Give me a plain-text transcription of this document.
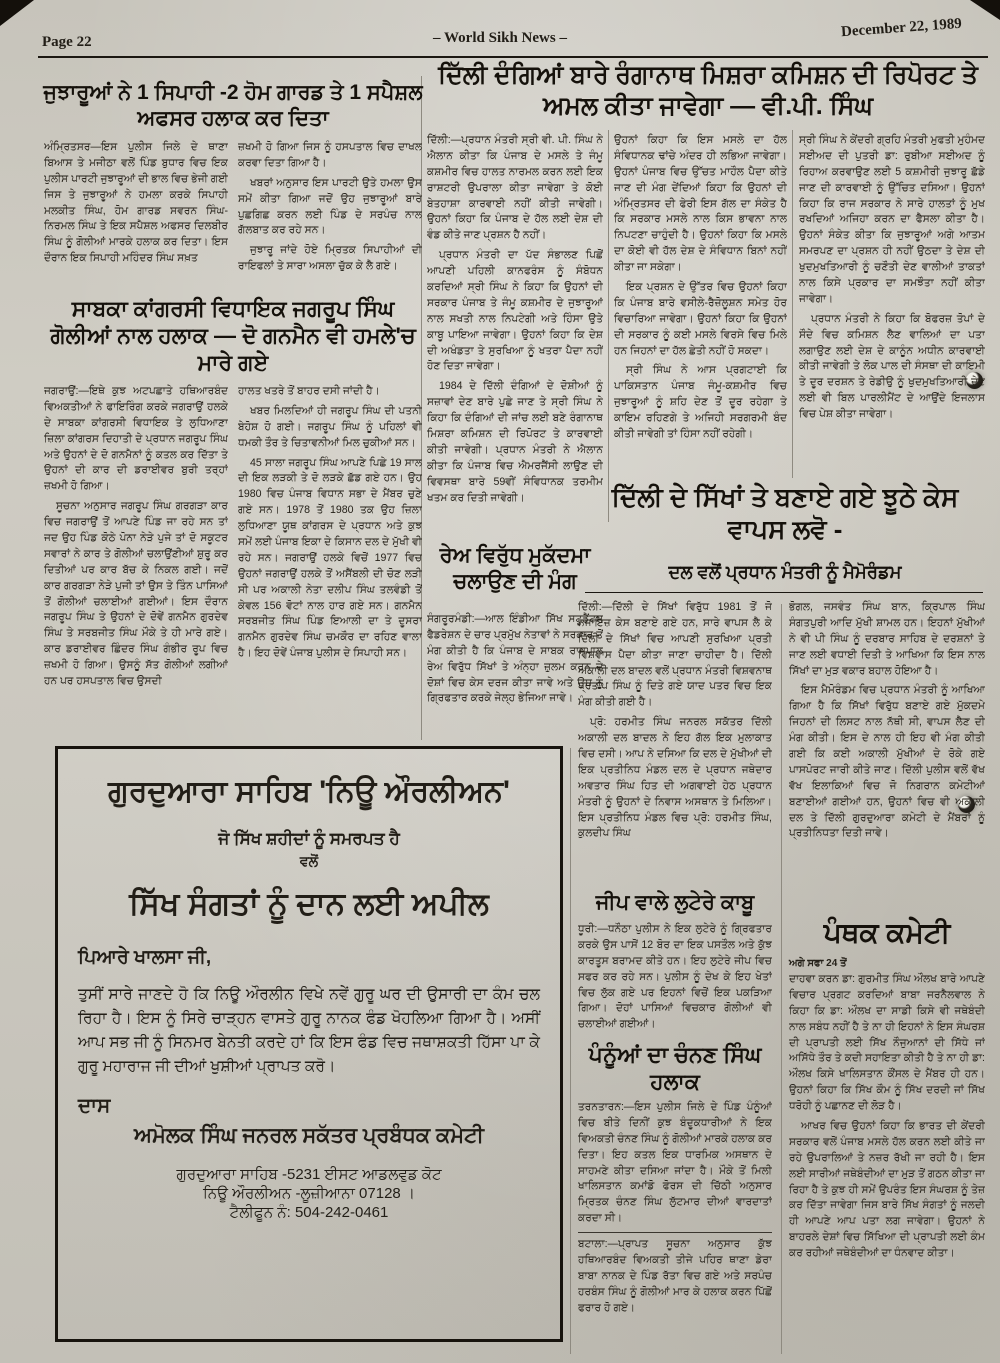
Page 22	– World Sikh News –	December 22, 1989
ਜੁਝਾਰੂਆਂ ਨੇ 1 ਸਿਪਾਹੀ -2 ਹੋਮ ਗਾਰਡ ਤੇ 1 ਸਪੈਸ਼ਲ ਅਫਸਰ ਹਲਾਕ ਕਰ ਦਿਤਾ
ਅੰਮ੍ਰਿਤਸਰ—ਇਸ ਪੁਲੀਸ ਜਿਲੇ ਦੇ ਥਾਣਾ ਬਿਆਸ ਤੇ ਮਜੀਠਾ ਵਲੋਂ ਪਿੰਡ ਬੁਧਾਰ ਵਿਚ ਇਕ ਪੁਲੀਸ ਪਾਰਟੀ ਜੁਝਾਰੂਆਂ ਦੀ ਭਾਲ ਵਿਚ ਭੇਜੀ ਗਈ ਜਿਸ ਤੇ ਜੁਝਾਰੂਆਂ ਨੇ ਹਮਲਾ ਕਰਕੇ ਸਿਪਾਹੀ ਮਲਕੀਤ ਸਿੰਘ, ਹੋਮ ਗਾਰਡ ਸਵਰਨ ਸਿੰਘ-ਨਿਰਮਲ ਸਿੰਘ ਤੇ ਇਕ ਸਪੈਸ਼ਲ ਅਫਸਰ ਦਿਲਬੀਰ ਸਿੰਘ ਨੂੰ ਗੋਲੀਆਂ ਮਾਰਕੇ ਹਲਾਕ ਕਰ ਦਿਤਾ। ਇਸ ਦੌਰਾਨ ਇਕ ਸਿਪਾਹੀ ਮਹਿੰਦਰ ਸਿੰਘ ਸਖ਼ਤ

ਜ਼ਖਮੀ ਹੋ ਗਿਆ ਜਿਸ ਨੂੰ ਹਸਪਤਾਲ ਵਿਚ ਦਾਖਲ ਕਰਵਾ ਦਿਤਾ ਗਿਆ ਹੈ।

ਖਬਰਾਂ ਅਨੁਸਾਰ ਇਸ ਪਾਰਟੀ ਉਤੇ ਹਮਲਾ ਉਸ ਸਮੇਂ ਕੀਤਾ ਗਿਆ ਜਦੋਂ ਉਹ ਜੁਝਾਰੂਆਂ ਬਾਰੇ ਪੁਛਗਿਛ ਕਰਨ ਲਈ ਪਿੰਡ ਦੇ ਸਰਪੰਚ ਨਾਲ ਗੱਲਬਾਤ ਕਰ ਰਹੇ ਸਨ।

ਜੁਝਾਰੂ ਜਾਂਦੇ ਹੋਏ ਮ੍ਰਿਤਕ ਸਿਪਾਹੀਆਂ ਦੀ ਰਾਇਫਲਾਂ ਤੇ ਸਾਰਾ ਅਸਲਾ ਚੁੱਕ ਕੇ ਲੈ ਗਏ।

ਸਾਬਕਾ ਕਾਂਗਰਸੀ ਵਿਧਾਇਕ ਜਗਰੂਪ ਸਿੰਘ ਗੋਲੀਆਂ ਨਾਲ ਹਲਾਕ — ਦੋ ਗਨਮੈਨ ਵੀ ਹਮਲੇ'ਚ ਮਾਰੇ ਗਏ

ਜਗਰਾਉਂ:—ਇਥੇ ਕੁਝ ਅਟਪਛਾਤੇ ਹਥਿਆਰਬੰਦ ਵਿਅਕਤੀਆਂ ਨੇ ਫਾਇਰਿੰਗ ਕਰਕੇ ਜਗਰਾਉਂ ਹਲਕੇ ਦੇ ਸਾਬਕਾ ਕਾਂਗਰਸੀ ਵਿਧਾਇਕ ਤੇ ਲੁਧਿਆਣਾ ਜ਼ਿਲਾ ਕਾਂਗਰਸ ਦਿਹਾਤੀ ਦੇ ਪ੍ਰਧਾਨ ਜਗਰੂਪ ਸਿੰਘ ਅਤੇ ਉਹਨਾਂ ਦੇ ਦੋ ਗਨਮੈਨਾਂ ਨੂੰ ਕਤਲ ਕਰ ਦਿੱਤਾ ਤੇ ਉਹਨਾਂ ਦੀ ਕਾਰ ਦੀ ਡਰਾਈਵਰ ਬੁਰੀ ਤਰ੍ਹਾਂ ਜ਼ਖਮੀ ਹੋ ਗਿਆ।

ਸੂਚਨਾ ਅਨੁਸਾਰ ਜਗਰੂਪ ਸਿੰਘ ਗਰਗੜਾ ਕਾਰ ਵਿਚ ਜਗਰਾਉਂ ਤੋਂ ਆਪਣੇ ਪਿੰਡ ਜਾ ਰਹੇ ਸਨ ਤਾਂ ਜਦ ਉਹ ਪਿੰਡ ਕੋਠੇ ਪੋਨਾ ਨੇੜੇ ਪੁਜੇ ਤਾਂ ਦੋ ਸਕੂਟਰ ਸਵਾਰਾਂ ਨੇ ਕਾਰ ਤੇ ਗੋਲੀਆਂ ਚਲਾਉਂਣੀਆਂ ਸ਼ੁਰੂ ਕਰ ਦਿਤੀਆਂ ਪਰ ਕਾਰ ਬੱਚ ਕੇ ਨਿਕਲ ਗਈ। ਜਦੋਂ ਕਾਰ ਗਰਗੜਾ ਨੇੜੇ ਪੁਜੀ ਤਾਂ ਉਸ ਤੇ ਤਿੰਨ ਪਾਸਿਆਂ ਤੋਂ ਗੋਲੀਆਂ ਚਲਾਈਆਂ ਗਈਆਂ। ਇਸ ਦੌਰਾਨ ਜਗਰੂਪ ਸਿੰਘ ਤੇ ਉਹਨਾਂ ਦੇ ਦੋਵੇਂ ਗਨਮੈਨ ਗੁਰਦੇਵ ਸਿੰਘ ਤੇ ਸਰਬਜੀਤ ਸਿੰਘ ਮੌਕੇ ਤੇ ਹੀ ਮਾਰੇ ਗਏ। ਕਾਰ ਡਰਾਈਵਰ ਛਿੰਦਰ ਸਿੰਘ ਗੰਭੀਰ ਰੂਪ ਵਿਚ ਜ਼ਖਮੀ ਹੋ ਗਿਆ। ਉਸਨੂੰ ਸੱਤ ਗੋਲੀਆਂ ਲਗੀਆਂ ਹਨ ਪਰ ਹਸਪਤਾਲ ਵਿਚ ਉਸਦੀ

ਹਾਲਤ ਖਤਰੇ ਤੋਂ ਬਾਹਰ ਦਸੀ ਜਾਂਦੀ ਹੈ।

ਖਬਰ ਮਿਲਦਿਆਂ ਹੀ ਜਗਰੂਪ ਸਿੰਘ ਦੀ ਪਤਨੀ ਬੇਹੋਸ਼ ਹੋ ਗਈ। ਜਗਰੂਪ ਸਿੰਘ ਨੂੰ ਪਹਿਲਾਂ ਵੀ ਧਮਕੀ ਤੌਰ ਤੇ ਚਿਤਾਵਨੀਆਂ ਮਿਲ ਚੁਕੀਆਂ ਸਨ।

45 ਸਾਲਾ ਜਗਰੂਪ ਸਿੰਘ ਆਪਣੇ ਪਿਛੇ 19 ਸਾਲ ਦੀ ਇਕ ਲੜਕੀ ਤੇ ਦੋ ਲੜਕੇ ਛੱਡ ਗਏ ਹਨ। ਉਹ 1980 ਵਿਚ ਪੰਜਾਬ ਵਿਧਾਨ ਸਭਾ ਦੇ ਮੈਂਬਰ ਚੁਣੇ ਗਏ ਸਨ। 1978 ਤੋਂ 1980 ਤਕ ਉਹ ਜ਼ਿਲਾ ਲੁਧਿਆਣਾ ਯੂਥ ਕਾਂਗਰਸ ਦੇ ਪ੍ਰਧਾਨ ਅਤੇ ਕੁਝ ਸਮੇਂ ਲਈ ਪੰਜਾਬ ਇਕਾ ਦੇ ਕਿਸਾਨ ਦਲ ਦੇ ਮੁੱਖੀ ਵੀ ਰਹੇ ਸਨ। ਜਗਰਾਉਂ ਹਲਕੇ ਵਿਚੋਂ 1977 ਵਿਚ ਉਹਨਾਂ ਜਗਰਾਉਂ ਹਲਕੇ ਤੋਂ ਅਸੈਂਬਲੀ ਦੀ ਚੋਣ ਲੜੀ ਸੀ ਪਰ ਅਕਾਲੀ ਨੇਤਾ ਦਲੀਪ ਸਿੰਘ ਤਲਵੰਡੀ ਤੋਂ ਕੇਵਲ 156 ਵੋਟਾਂ ਨਾਲ ਹਾਰ ਗਏ ਸਨ। ਗਨਮੈਨ ਸਰਬਜੀਤ ਸਿੰਘ ਪਿੰਡ ਇਆਲੀ ਦਾ ਤੇ ਦੂਸਰਾ ਗਨਮੈਨ ਗੁਰਦੇਵ ਸਿੰਘ ਚਮਕੌਰ ਦਾ ਰਹਿਣ ਵਾਲਾ ਹੈ। ਇਹ ਦੋਵੇਂ ਪੰਜਾਬ ਪੁਲੀਸ ਦੇ ਸਿਪਾਹੀ ਸਨ।

ਦਿੱਲੀ ਦੰਗਿਆਂ ਬਾਰੇ ਰੰਗਾਨਾਥ ਮਿਸ਼ਰਾ ਕਮਿਸ਼ਨ ਦੀ ਰਿਪੋਰਟ ਤੇ ਅਮਲ ਕੀਤਾ ਜਾਵੇਗਾ — ਵੀ.ਪੀ. ਸਿੰਘ

ਦਿੱਲੀ:—ਪ੍ਰਧਾਨ ਮੰਤਰੀ ਸ੍ਰੀ ਵੀ. ਪੀ. ਸਿੰਘ ਨੇ ਐਲਾਨ ਕੀਤਾ ਕਿ ਪੰਜਾਬ ਦੇ ਮਸਲੇ ਤੇ ਜੰਮੂ ਕਸ਼ਮੀਰ ਵਿਚ ਹਾਲਤ ਨਾਰਮਲ ਕਰਨ ਲਈ ਇਕ ਰਾਸ਼ਟਰੀ ਉਪਰਾਲਾ ਕੀਤਾ ਜਾਵੇਗਾ ਤੇ ਕੋਈ ਬੇਤਹਾਸ਼ਾ ਕਾਰਵਾਈ ਨਹੀਂ ਕੀਤੀ ਜਾਵੇਗੀ। ਉਹਨਾਂ ਕਿਹਾ ਕਿ ਪੰਜਾਬ ਦੇ ਹੱਲ ਲਈ ਦੇਸ਼ ਦੀ ਵੰਡ ਕੀਤੇ ਜਾਣ ਪ੍ਰਸ਼ਨ ਹੈ ਨਹੀਂ।

ਪ੍ਰਧਾਨ ਮੰਤਰੀ ਦਾ ਪੱਦ ਸੰਭਾਲਣ ਪਿਛੋਂ ਆਪਣੀ ਪਹਿਲੀ ਕਾਨਫਰੰਸ ਨੂੰ ਸੰਬੋਧਨ ਕਰਦਿਆਂ ਸ੍ਰੀ ਸਿੰਘ ਨੇ ਕਿਹਾ ਕਿ ਉਹਨਾਂ ਦੀ ਸਰਕਾਰ ਪੰਜਾਬ ਤੇ ਜੰਮੂ ਕਸ਼ਮੀਰ ਦੇ ਜੁਝਾਰੂਆਂ ਨਾਲ ਸਖਤੀ ਨਾਲ ਨਿਪਟੇਗੀ ਅਤੇ ਹਿੰਸਾ ਉਤੇ ਕਾਬੂ ਪਾਇਆ ਜਾਵੇਗਾ। ਉਹਨਾਂ ਕਿਹਾ ਕਿ ਦੇਸ਼ ਦੀ ਅਖੰਡਤਾ ਤੇ ਸੁਰਖਿਆ ਨੂੰ ਖਤਰਾ ਪੈਦਾ ਨਹੀਂ ਹੋਣ ਦਿਤਾ ਜਾਵੇਗਾ।

1984 ਦੇ ਦਿੱਲੀ ਦੰਗਿਆਂ ਦੇ ਦੋਸ਼ੀਆਂ ਨੂੰ ਸਜ਼ਾਵਾਂ ਦੇਣ ਬਾਰੇ ਪੁਛੇ ਜਾਣ ਤੇ ਸ੍ਰੀ ਸਿੰਘ ਨੇ ਕਿਹਾ ਕਿ ਦੰਗਿਆਂ ਦੀ ਜਾਂਚ ਲਈ ਬਣੇ ਰੰਗਾਨਾਥ ਮਿਸ਼ਰਾ ਕਮਿਸ਼ਨ ਦੀ ਰਿਪੋਰਟ ਤੇ ਕਾਰਵਾਈ ਕੀਤੀ ਜਾਵੇਗੀ। ਪ੍ਰਧਾਨ ਮੰਤਰੀ ਨੇ ਐਲਾਨ ਕੀਤਾ ਕਿ ਪੰਜਾਬ ਵਿਚ ਐਮਰਜੈਂਸੀ ਲਾਉਣ ਦੀ ਵਿਵਸਥਾ ਬਾਰੇ 59ਵੀਂ ਸੰਵਿਧਾਨਕ ਤਰਮੀਮ ਖਤਮ ਕਰ ਦਿਤੀ ਜਾਵੇਗੀ।

ਉਹਨਾਂ ਕਿਹਾ ਕਿ ਇਸ ਮਸਲੇ ਦਾ ਹੱਲ ਸੰਵਿਧਾਨਕ ਢਾਂਚੇ ਅੰਦਰ ਹੀ ਲਭਿਆ ਜਾਵੇਗਾ। ਉਹਨਾਂ ਪੰਜਾਬ ਵਿਚ ਉੱਚਤ ਮਾਹੌਲ ਪੈਦਾ ਕੀਤੇ ਜਾਣ ਦੀ ਮੰਗ ਦੇਂਦਿਆਂ ਕਿਹਾ ਕਿ ਉਹਨਾਂ ਦੀ ਅੰਮ੍ਰਿਤਸਰ ਦੀ ਫੇਰੀ ਇਸ ਗੱਲ ਦਾ ਸੰਕੇਤ ਹੈ ਕਿ ਸਰਕਾਰ ਮਸਲੇ ਨਾਲ ਕਿਸ ਭਾਵਨਾ ਨਾਲ ਨਿਪਟਣਾ ਚਾਹੁੰਦੀ ਹੈ। ਉਹਨਾਂ ਕਿਹਾ ਕਿ ਮਸਲੇ ਦਾ ਕੋਈ ਵੀ ਹੱਲ ਦੇਸ਼ ਦੇ ਸੰਵਿਧਾਨ ਬਿਨਾਂ ਨਹੀਂ ਕੀਤਾ ਜਾ ਸਕੇਗਾ।

ਇਕ ਪ੍ਰਸ਼ਨ ਦੇ ਉੱਤਰ ਵਿਚ ਉਹਨਾਂ ਕਿਹਾ ਕਿ ਪੰਜਾਬ ਬਾਰੇ ਵਸੀਲੇ-ਰੈਜ਼ੋਲੂਸ਼ਨ ਸਮੇਤ ਹੋਰ ਵਿਚਾਰਿਆ ਜਾਵੇਗਾ। ਉਹਨਾਂ ਕਿਹਾ ਕਿ ਉਹਨਾਂ ਦੀ ਸਰਕਾਰ ਨੂੰ ਕਈ ਮਸਲੇ ਵਿਰਸੇ ਵਿਚ ਮਿਲੇ ਹਨ ਜਿਹਨਾਂ ਦਾ ਹੱਲ ਛੇਤੀ ਨਹੀਂ ਹੋ ਸਕਦਾ।

ਸ੍ਰੀ ਸਿੰਘ ਨੇ ਆਸ ਪ੍ਰਗਟਾਈ ਕਿ ਪਾਕਿਸਤਾਨ ਪੰਜਾਬ ਜੰਮੂ-ਕਸ਼ਮੀਰ ਵਿਚ ਜੁਝਾਰੂਆਂ ਨੂੰ ਸ਼ਹਿ ਦੇਣ ਤੋਂ ਦੂਰ ਰਹੇਗਾ ਤੇ ਕਾਇਮ ਰਹਿਣਗੇ ਤੇ ਅਜਿਹੀ ਸਰਗਰਮੀ ਬੰਦ ਕੀਤੀ ਜਾਵੇਗੀ ਤਾਂ ਹਿੰਸਾ ਨਹੀਂ ਰਹੇਗੀ।

ਸ੍ਰੀ ਸਿੰਘ ਨੇ ਕੇਂਦਰੀ ਗ੍ਰਹਿ ਮੰਤਰੀ ਮੁਫਤੀ ਮੁਹੰਮਦ ਸਈਅਦ ਦੀ ਪੁਤਰੀ ਡਾ: ਰੁਬੀਆ ਸਈਅਦ ਨੂੰ ਰਿਹਾਅ ਕਰਵਾਉਣ ਲਈ 5 ਕਸ਼ਮੀਰੀ ਜੁਝਾਰੂ ਛੱਡੇ ਜਾਣ ਦੀ ਕਾਰਵਾਈ ਨੂੰ ਉੱਚਿਤ ਦਸਿਆ। ਉਹਨਾਂ ਕਿਹਾ ਕਿ ਰਾਜ ਸਰਕਾਰ ਨੇ ਸਾਰੇ ਹਾਲਤਾਂ ਨੂੰ ਮੁਖ ਰਖਦਿਆਂ ਅਜਿਹਾ ਕਰਨ ਦਾ ਫੈਸਲਾ ਕੀਤਾ ਹੈ। ਉਹਨਾਂ ਸੰਕੇਤ ਕੀਤਾ ਕਿ ਜੁਝਾਰੂਆਂ ਅਗੇ ਆਤਮ ਸਮਰਪਣ ਦਾ ਪ੍ਰਸ਼ਨ ਹੀ ਨਹੀਂ ਉਠਦਾ ਤੇ ਦੇਸ਼ ਦੀ ਖੁਦਮੁਖਤਿਆਰੀ ਨੂੰ ਚਣੌਤੀ ਦੇਣ ਵਾਲੀਆਂ ਤਾਕਤਾਂ ਨਾਲ ਕਿਸੇ ਪ੍ਰਕਾਰ ਦਾ ਸਮਝੌਤਾ ਨਹੀਂ ਕੀਤਾ ਜਾਵੇਗਾ।

ਪ੍ਰਧਾਨ ਮੰਤਰੀ ਨੇ ਕਿਹਾ ਕਿ ਬੋਫਰਜ਼ ਤੋਪਾਂ ਦੇ ਸੌਦੇ ਵਿਚ ਕਮਿਸ਼ਨ ਲੈਣ ਵਾਲਿਆਂ ਦਾ ਪਤਾ ਲਗਾਉਣ ਲਈ ਦੇਸ਼ ਦੇ ਕਾਨੂੰਨ ਅਧੀਨ ਕਾਰਵਾਈ ਕੀਤੀ ਜਾਵੇਗੀ ਤੇ ਲੋਕ ਪਾਲ ਦੀ ਸੰਸਥਾ ਦੀ ਕਾਇਮੀ ਤੇ ਦੂਰ ਦਰਸ਼ਨ ਤੇ ਰੇਡੀਉ ਨੂੰ ਖੁਦਮੁਖਤਿਆਰੀ ਦੇਣ ਲਈ ਵੀ ਬਿਲ ਪਾਰਲੀਮੈਂਟ ਦੇ ਆਉਂਦੇ ਇਜਲਾਸ ਵਿਚ ਪੇਸ਼ ਕੀਤਾ ਜਾਵੇਗਾ।

ਰੇਅ ਵਿਰੁੱਧ ਮੁਕੱਦਮਾ ਚਲਾਉਣ ਦੀ ਮੰਗ
ਸੰਗਰੂਰਮੰਡੀ:—ਆਲ ਇੰਡੀਆ ਸਿੱਖ ਸਟੂਡੈਂਟਸ ਫੈਡਰੇਸ਼ਨ ਦੇ ਚਾਰ ਪ੍ਰਮੁੱਖ ਨੇਤਾਵਾਂ ਨੇ ਸਰਕਾਰ ਤੋਂ ਮੰਗ ਕੀਤੀ ਹੈ ਕਿ ਪੰਜਾਬ ਦੇ ਸਾਬਕ ਰਾਜਪਾਲ ਰੇਅ ਵਿਰੁੱਧ ਸਿੱਖਾਂ ਤੇ ਅੰਨ੍ਹਾ ਜ਼ੁਲਮ ਕਰਨ ਦੇ ਦੋਸ਼ਾਂ ਵਿਚ ਕੇਸ ਦਰਜ ਕੀਤਾ ਜਾਵੇ ਅਤੇ ਉਸ ਨੂੰ ਗ੍ਰਿਫਤਾਰ ਕਰਕੇ ਜੇਲ੍ਹ ਭੇਜਿਆ ਜਾਵੇ।
ਦਿੱਲੀ ਦੇ ਸਿੱਖਾਂ ਤੇ ਬਣਾਏ ਗਏ ਝੂਠੇ ਕੇਸ ਵਾਪਸ ਲਵੋ -
ਦਲ ਵਲੋਂ ਪ੍ਰਧਾਨ ਮੰਤਰੀ ਨੂੰ ਮੈਮੋਰੰਡਮ

ਦਿੱਲੀ:—ਦਿੱਲੀ ਦੇ ਸਿੱਖਾਂ ਵਿਰੁੱਧ 1981 ਤੋਂ ਜੋ ਨਜਾਇਜ਼ ਕੇਸ ਬਣਾਏ ਗਏ ਹਨ, ਸਾਰੇ ਵਾਪਸ ਲੈ ਕੇ ਦਿੱਲੀ ਦੇ ਸਿੱਖਾਂ ਵਿਚ ਆਪਣੀ ਸੁਰਖਿਆ ਪ੍ਰਤੀ ਵਿਸ਼ਵਾਸ ਪੈਦਾ ਕੀਤਾ ਜਾਣਾ ਚਾਹੀਦਾ ਹੈ। ਦਿੱਲੀ ਅਕਾਲੀ ਦਲ ਬਾਦਲ ਵਲੋਂ ਪ੍ਰਧਾਨ ਮੰਤਰੀ ਵਿਸ਼ਵਨਾਥ ਪ੍ਰਤਾਪ ਸਿੰਘ ਨੂੰ ਦਿਤੇ ਗਏ ਯਾਦ ਪਤਰ ਵਿਚ ਇਕ ਮੰਗ ਕੀਤੀ ਗਈ ਹੈ।

ਪ੍ਰੋ: ਹਰਮੀਤ ਸਿੰਘ ਜਨਰਲ ਸਕੱਤਰ ਦਿੱਲੀ ਅਕਾਲੀ ਦਲ ਬਾਦਲ ਨੇ ਇਹ ਗੱਲ ਇਕ ਮੁਲਾਕਾਤ ਵਿਚ ਦਸੀ। ਆਪ ਨੇ ਦਸਿਆ ਕਿ ਦਲ ਦੇ ਮੁੱਖੀਆਂ ਦੀ ਇਕ ਪ੍ਰਤੀਨਿਧ ਮੰਡਲ ਦਲ ਦੇ ਪ੍ਰਧਾਨ ਜਥੇਦਾਰ ਅਵਤਾਰ ਸਿੰਘ ਹਿਤ ਦੀ ਅਗਵਾਈ ਹੇਠ ਪ੍ਰਧਾਨ ਮੰਤਰੀ ਨੂੰ ਉਹਨਾਂ ਦੇ ਨਿਵਾਸ ਅਸਥਾਨ ਤੇ ਮਿਲਿਆ। ਇਸ ਪ੍ਰਤੀਨਿਧ ਮੰਡਲ ਵਿਚ ਪ੍ਰੋ: ਹਰਮੀਤ ਸਿੰਘ, ਕੁਲਦੀਪ ਸਿੰਘ

ਭੋਗਲ, ਜਸਵੰਤ ਸਿੰਘ ਬਾਨ, ਕ੍ਰਿਪਾਲ ਸਿੰਘ ਸੰਗਤਪੁਰੀ ਆਦਿ ਮੁੱਖੀ ਸ਼ਾਮਲ ਹਨ। ਇਹਨਾਂ ਮੁੱਖੀਆਂ ਨੇ ਵੀ ਪੀ ਸਿੰਘ ਨੂੰ ਦਰਬਾਰ ਸਾਹਿਬ ਦੇ ਦਰਸ਼ਨਾਂ ਤੇ ਜਾਣ ਲਈ ਵਧਾਈ ਦਿਤੀ ਤੇ ਆਖਿਆ ਕਿ ਇਸ ਨਾਲ ਸਿੱਖਾਂ ਦਾ ਮੁੜ ਵਕਾਰ ਬਹਾਲ ਹੋਇਆ ਹੈ।

ਇਸ ਮੈਮੋਰੰਡਮ ਵਿਚ ਪ੍ਰਧਾਨ ਮੰਤਰੀ ਨੂੰ ਆਖਿਆ ਗਿਆ ਹੈ ਕਿ ਸਿੱਖਾਂ ਵਿਰੁੱਧ ਬਣਾਏ ਗਏ ਮੁੱਕਦਮੇ ਜਿਹਨਾਂ ਦੀ ਲਿਸਟ ਨਾਲ ਨੱਥੀ ਸੀ, ਵਾਪਸ ਲੈਣ ਦੀ ਮੰਗ ਕੀਤੀ। ਇਸ ਦੇ ਨਾਲ ਹੀ ਇਹ ਵੀ ਮੰਗ ਕੀਤੀ ਗਈ ਕਿ ਕਈ ਅਕਾਲੀ ਮੁੱਖੀਆਂ ਦੇ ਰੋਕੇ ਗਏ ਪਾਸਪੋਰਟ ਜਾਰੀ ਕੀਤੇ ਜਾਣ। ਦਿੱਲੀ ਪੁਲੀਸ ਵਲੋਂ ਵੱਖ ਵੱਖ ਇਲਾਕਿਆਂ ਵਿਚ ਜੋ ਨਿਗਰਾਨ ਕਮੇਟੀਆਂ ਬਣਾਈਆਂ ਗਈਆਂ ਹਨ, ਉਹਨਾਂ ਵਿਚ ਵੀ ਅਕਾਲੀ ਦਲ ਤੇ ਦਿੱਲੀ ਗੁਰਦੁਆਰਾ ਕਮੇਟੀ ਦੇ ਮੈਂਬਰਾਂ ਨੂੰ ਪ੍ਰਤੀਨਿਧਤਾ ਦਿਤੀ ਜਾਵੇ।

ਜੀਪ ਵਾਲੇ ਲੁਟੇਰੇ ਕਾਬੂ
ਧੂਰੀ:—ਧਨੌਠਾ ਪੁਲੀਸ ਨੇ ਇਕ ਲੁਟੇਰੇ ਨੂੰ ਗ੍ਰਿਫਤਾਰ ਕਰਕੇ ਉਸ ਪਾਸੋਂ 12 ਬੋਰ ਦਾ ਇਕ ਪਸਤੌਲ ਅਤੇ ਕੁੱਝ ਕਾਰਤੂਸ ਬਰਾਮਦ ਕੀਤੇ ਹਨ। ਇਹ ਲੁਟੇਰੇ ਜੀਪ ਵਿਚ ਸਫਰ ਕਰ ਰਹੇ ਸਨ। ਪੁਲੀਸ ਨੂੰ ਦੇਖ ਕੇ ਇਹ ਖੇਤਾਂ ਵਿਚ ਲੁੱਕ ਗਏ ਪਰ ਇਹਨਾਂ ਵਿਚੋਂ ਇਕ ਪਕੜਿਆ ਗਿਆ। ਦੋਹਾਂ ਪਾਸਿਆਂ ਵਿਚਕਾਰ ਗੋਲੀਆਂ ਵੀ ਚਲਾਈਆਂ ਗਈਆਂ।
ਪੰਨੂੰਆਂ ਦਾ ਚੰਨਣ ਸਿੰਘ ਹਲਾਕ
ਤਰਨਤਾਰਨ:—ਇਸ ਪੁਲੀਸ ਜਿਲੇ ਦੇ ਪਿੰਡ ਪੰਨੂੰਆਂ ਵਿਚ ਬੀਤੇ ਦਿਨੀਂ ਕੁਝ ਬੰਦੂਕਧਾਰੀਆਂ ਨੇ ਇਕ ਵਿਅਕਤੀ ਚੰਨਣ ਸਿੰਘ ਨੂੰ ਗੋਲੀਆਂ ਮਾਰਕੇ ਹਲਾਕ ਕਰ ਦਿਤਾ। ਇਹ ਕਤਲ ਇਕ ਧਾਰਮਿਕ ਅਸਥਾਨ ਦੇ ਸਾਹਮਣੇ ਕੀਤਾ ਦਸਿਆ ਜਾਂਦਾ ਹੈ। ਮੌਕੇ ਤੋਂ ਮਿਲੀ ਖਾਲਿਸਤਾਨ ਕਮਾਂਡੋ ਫੋਰਸ ਦੀ ਚਿੱਠੀ ਅਨੁਸਾਰ ਮ੍ਰਿਤਕ ਚੰਨਣ ਸਿੰਘ ਲੁੱਟਮਾਰ ਦੀਆਂ ਵਾਰਦਾਤਾਂ ਕਰਦਾ ਸੀ।
ਬਟਾਲਾ:—ਪ੍ਰਾਪਤ ਸੂਚਨਾ ਅਨੁਸਾਰ ਕੁੱਝ ਹਥਿਆਰਬੰਦ ਵਿਅਕਤੀ ਤੀਜੇ ਪਹਿਰ ਥਾਣਾ ਡੇਰਾ ਬਾਬਾ ਨਾਨਕ ਦੇ ਪਿੰਡ ਰੱਤਾ ਵਿਚ ਗਏ ਅਤੇ ਸਰਪੰਚ ਹਰਬੰਸ ਸਿੰਘ ਨੂੰ ਗੋਲੀਆਂ ਮਾਰ ਕੇ ਹਲਾਕ ਕਰਨ ਪਿੱਛੋਂ ਫਰਾਰ ਹੋ ਗਏ।
ਪੰਥਕ ਕਮੇਟੀ
ਅਗੇ ਸਫਾ 24 ਤੋਂ

ਦਾਹਵਾ ਕਰਨ ਡਾ: ਗੁਰਮੀਤ ਸਿੰਘ ਔਲਖ ਬਾਰੇ ਆਪਣੇ ਵਿਚਾਰ ਪ੍ਰਗਟ ਕਰਦਿਆਂ ਬਾਬਾ ਜਰਨੈਲਵਾਲ ਨੇ ਕਿਹਾ ਕਿ ਡਾ: ਔਲਖ ਦਾ ਸਾਡੀ ਕਿਸੇ ਵੀ ਜਥੇਬੰਦੀ ਨਾਲ ਸਬੰਧ ਨਹੀਂ ਹੈ ਤੇ ਨਾ ਹੀ ਇਹਨਾਂ ਨੇ ਇਸ ਸੰਘਰਸ਼ ਦੀ ਪ੍ਰਾਪਤੀ ਲਈ ਸਿੱਖ ਨੌਜੁਆਨਾਂ ਦੀ ਸਿੱਧੇ ਜਾਂ ਅਸਿੱਧੇ ਤੌਰ ਤੇ ਕਦੀ ਸਹਾਇਤਾ ਕੀਤੀ ਹੈ ਤੇ ਨਾ ਹੀ ਡਾ: ਔਲਖ ਕਿਸੇ ਖਾਲਿਸਤਾਨ ਕੌਂਸਲ ਦੇ ਮੈਂਬਰ ਹੀ ਹਨ। ਉਹਨਾਂ ਕਿਹਾ ਕਿ ਸਿੱਖ ਕੌਮ ਨੂੰ ਸਿੱਖ ਦਰਦੀ ਜਾਂ ਸਿੱਖ ਧਰੋਹੀ ਨੂੰ ਪਛਾਨਣ ਦੀ ਲੋੜ ਹੈ।

ਆਖਰ ਵਿਚ ਉਹਨਾਂ ਕਿਹਾ ਕਿ ਭਾਰਤ ਦੀ ਕੇਂਦਰੀ ਸਰਕਾਰ ਵਲੋਂ ਪੰਜਾਬ ਮਸਲੇ ਹੱਲ ਕਰਨ ਲਈ ਕੀਤੇ ਜਾ ਰਹੇ ਉਪਰਾਲਿਆਂ ਤੇ ਨਜ਼ਰ ਰੱਖੀ ਜਾ ਰਹੀ ਹੈ। ਇਸ ਲਈ ਸਾਰੀਆਂ ਜਥੇਬੰਦੀਆਂ ਦਾ ਮੁੜ ਤੋਂ ਗਠਨ ਕੀਤਾ ਜਾ ਰਿਹਾ ਹੈ ਤੇ ਕੁਝ ਹੀ ਸਮੇਂ ਉਪਰੰਤ ਇਸ ਸੰਘਰਸ਼ ਨੂੰ ਤੇਜ਼ ਕਰ ਦਿੱਤਾ ਜਾਵੇਗਾ ਜਿਸ ਬਾਰੇ ਸਿੱਖ ਸੰਗਤਾਂ ਨੂੰ ਜਲਦੀ ਹੀ ਆਪਣੇ ਆਪ ਪਤਾ ਲਗ ਜਾਵੇਗਾ। ਉਹਨਾਂ ਨੇ ਬਾਹਰਲੇ ਦੇਸ਼ਾਂ ਵਿਚ ਸਿੱਖਿਆ ਦੀ ਪ੍ਰਾਪਤੀ ਲਈ ਕੰਮ ਕਰ ਰਹੀਆਂ ਜਥੇਬੰਦੀਆਂ ਦਾ ਧੰਨਵਾਦ ਕੀਤਾ।

ਗੁਰਦੁਆਰਾ ਸਾਹਿਬ 'ਨਿਊ ਔਰਲੀਅਨ'
ਜੋ ਸਿੱਖ ਸ਼ਹੀਦਾਂ ਨੂੰ ਸਮਰਪਤ ਹੈ
ਵਲੋਂ
ਸਿੱਖ ਸੰਗਤਾਂ ਨੂੰ ਦਾਨ ਲਈ ਅਪੀਲ
ਪਿਆਰੇ ਖਾਲਸਾ ਜੀ,
ਤੁਸੀਂ ਸਾਰੇ ਜਾਣਦੇ ਹੋ ਕਿ ਨਿਊ ਔਰਲੀਨ ਵਿਖੇ ਨਵੇਂ ਗੁਰੂ ਘਰ ਦੀ ਉਸਾਰੀ ਦਾ ਕੰਮ ਚਲ ਰਿਹਾ ਹੈ। ਇਸ ਨੂੰ ਸਿਰੇ ਚਾੜ੍ਹਨ ਵਾਸਤੇ ਗੁਰੂ ਨਾਨਕ ਫੰਡ ਖੋਹਲਿਆ ਗਿਆ ਹੈ। ਅਸੀਂ ਆਪ ਸਭ ਜੀ ਨੂੰ ਸਿਨਮਰ ਬੇਨਤੀ ਕਰਦੇ ਹਾਂ ਕਿ ਇਸ ਫੰਡ ਵਿਚ ਜਥਾਸ਼ਕਤੀ ਹਿੱਸਾ ਪਾ ਕੇ ਗੁਰੂ ਮਹਾਰਾਜ ਜੀ ਦੀਆਂ ਖੁਸ਼ੀਆਂ ਪ੍ਰਾਪਤ ਕਰੋ।
ਦਾਸ
ਅਮੋਲਕ ਸਿੰਘ ਜਨਰਲ ਸਕੱਤਰ ਪ੍ਰਬੰਧਕ ਕਮੇਟੀ
ਗੁਰਦੁਆਰਾ ਸਾਹਿਬ -5231 ਈਸਟ ਆਡਲਵੁਡ ਕੋਟ
ਨਿਊ ਔਰਲੀਅਨ -ਲੂਜ਼ੀਆਨਾ 07128 ।
ਟੈਲੀਫੂਨ ਨੰ: 504-242-0461
